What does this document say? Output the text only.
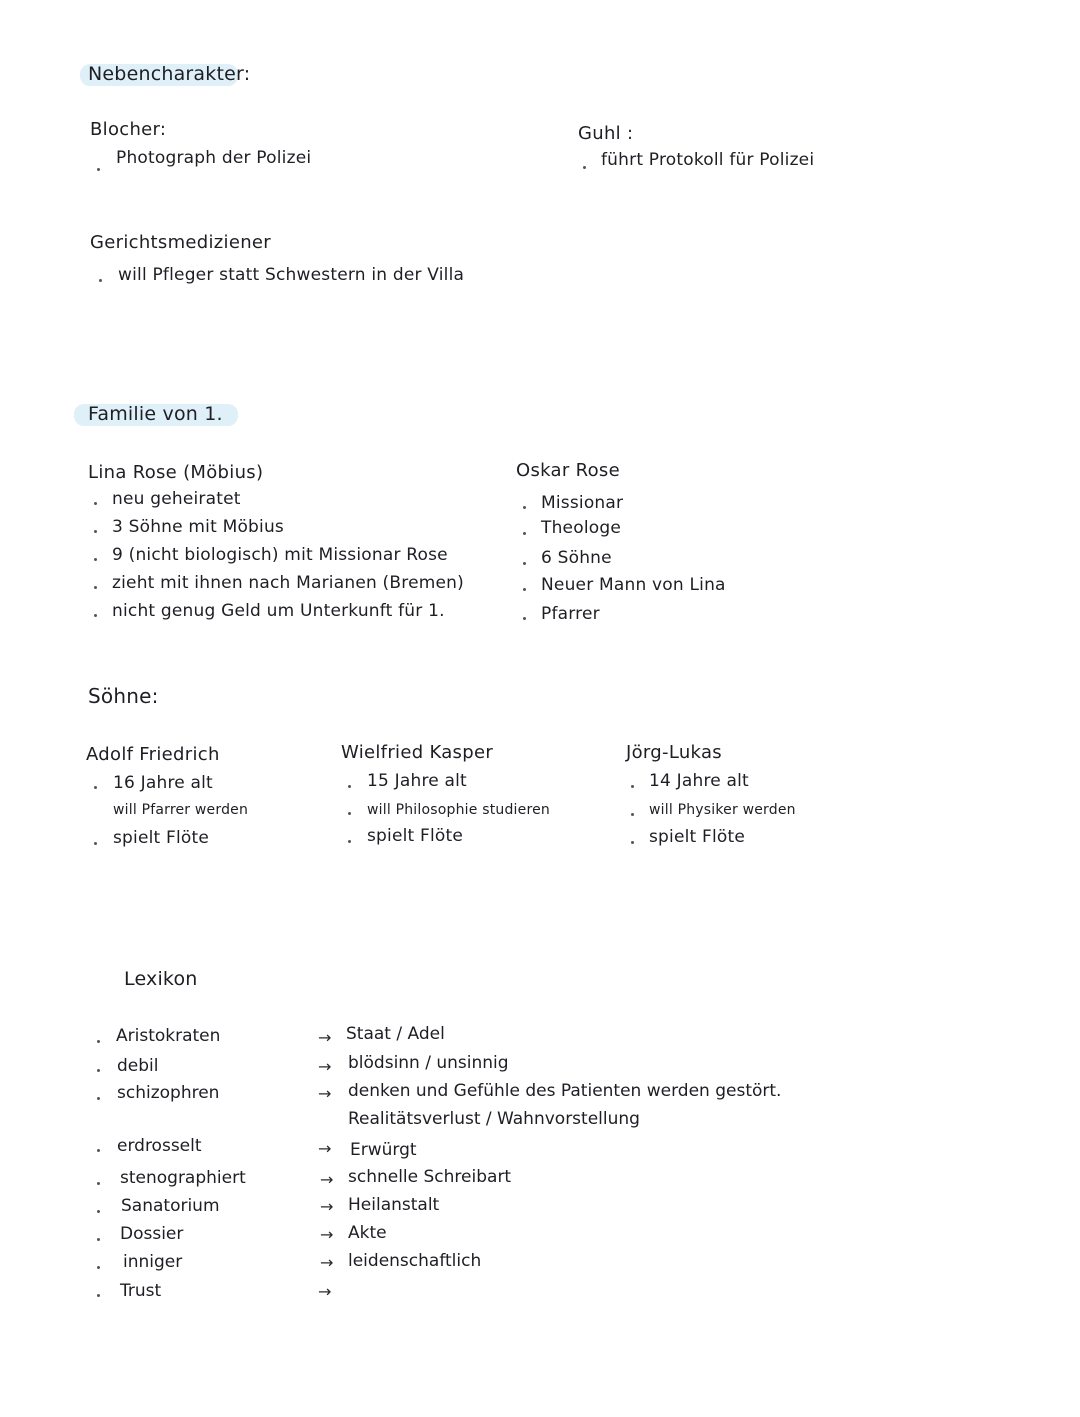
Nebencharakter:
Blocher:
Photograph der Polizei
Guhl :
führt Protokoll für Polizei
Gerichtsmediziener
will Pfleger statt Schwestern in der Villa
Familie von 1.
Lina Rose (Möbius)
neu geheiratet
3 Söhne mit Möbius
9 (nicht biologisch) mit Missionar Rose
zieht mit ihnen nach Marianen (Bremen)
nicht genug Geld um Unterkunft für 1.
Oskar Rose
Missionar
Theologe
6 Söhne
Neuer Mann von Lina
Pfarrer
Söhne:
Adolf Friedrich
16 Jahre alt
will Pfarrer werden
spielt Flöte
Wielfried Kasper
15 Jahre alt
will Philosophie studieren
spielt Flöte
Jörg-Lukas
14 Jahre alt
will Physiker werden
spielt Flöte
Lexikon
Aristokraten	→ Staat / Adel
debil	→ blödsinn / unsinnig
schizophren	→ denken und Gefühle des Patienten werden gestört.
Realitätsverlust / Wahnvorstellung
erdrosselt	→ Erwürgt
stenographiert	→ schnelle Schreibart
Sanatorium	→ Heilanstalt
Dossier	→ Akte
inniger	→ leidenschaftlich
Trust	→
